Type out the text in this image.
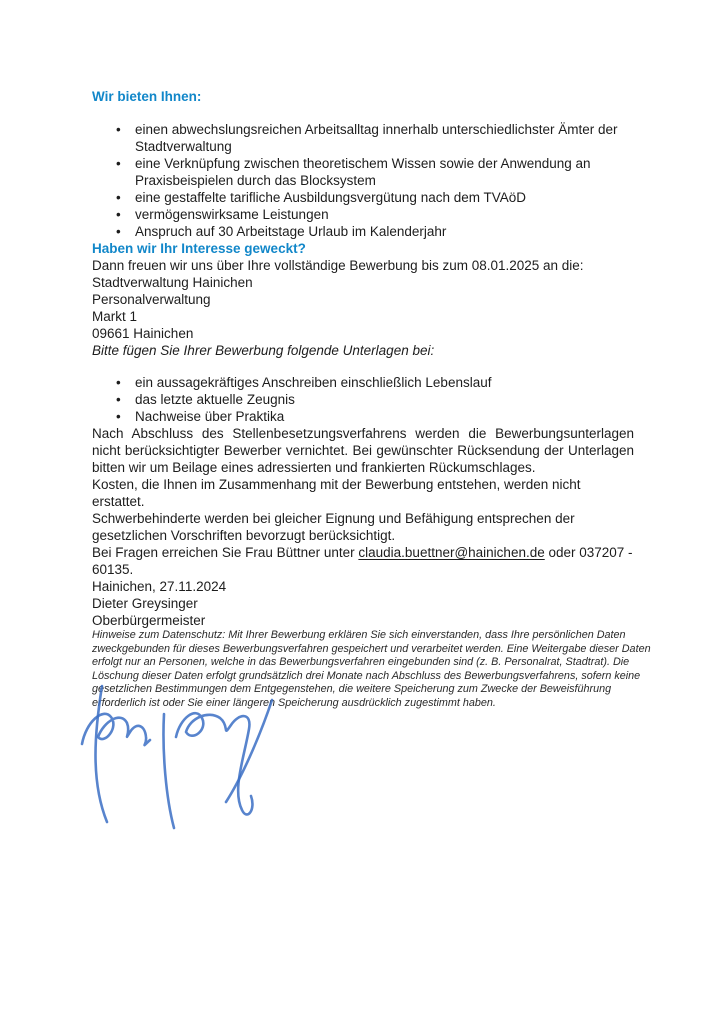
Wir bieten Ihnen:
• einen abwechslungsreichen Arbeitsalltag innerhalb unterschiedlichster Ämter der Stadtverwaltung
• eine Verknüpfung zwischen theoretischem Wissen sowie der Anwendung an Praxisbeispielen durch das Blocksystem
• eine gestaffelte tarifliche Ausbildungsvergütung nach dem TVAöD
• vermögenswirksame Leistungen
• Anspruch auf 30 Arbeitstage Urlaub im Kalenderjahr
Haben wir Ihr Interesse geweckt?

Dann freuen wir uns über Ihre vollständige Bewerbung bis zum 08.01.2025 an die:

Stadtverwaltung Hainichen
Personalverwaltung
Markt 1
09661 Hainichen

Bitte fügen Sie Ihrer Bewerbung folgende Unterlagen bei:

• ein aussagekräftiges Anschreiben einschließlich Lebenslauf
• das letzte aktuelle Zeugnis
• Nachweise über Praktika

Nach Abschluss des Stellenbesetzungsverfahrens werden die Bewerbungsunterlagen nicht berücksichtigter Bewerber vernichtet. Bei gewünschter Rücksendung der Unterlagen bitten wir um Beilage eines adressierten und frankierten Rückumschlages.

Kosten, die Ihnen im Zusammenhang mit der Bewerbung entstehen, werden nicht erstattet.

Schwerbehinderte werden bei gleicher Eignung und Befähigung entsprechen der gesetzlichen Vorschriften bevorzugt berücksichtigt.

Bei Fragen erreichen Sie Frau Büttner unter claudia.buettner@hainichen.de oder 037207 -
60135.

Hainichen, 27.11.2024

Dieter Greysinger
Oberbürgermeister

Hinweise zum Datenschutz: Mit Ihrer Bewerbung erklären Sie sich einverstanden, dass Ihre persönlichen Daten zweckgebunden für dieses Bewerbungsverfahren gespeichert und verarbeitet werden. Eine Weitergabe dieser Daten erfolgt nur an Personen, welche in das Bewerbungsverfahren eingebunden sind (z. B. Personalrat, Stadtrat). Die Löschung dieser Daten erfolgt grundsätzlich drei Monate nach Abschluss des Bewerbungsverfahrens, sofern keine gesetzlichen Bestimmungen dem Entgegenstehen, die weitere Speicherung zum Zwecke der Beweisführung erforderlich ist oder Sie einer längeren Speicherung ausdrücklich zugestimmt haben.
